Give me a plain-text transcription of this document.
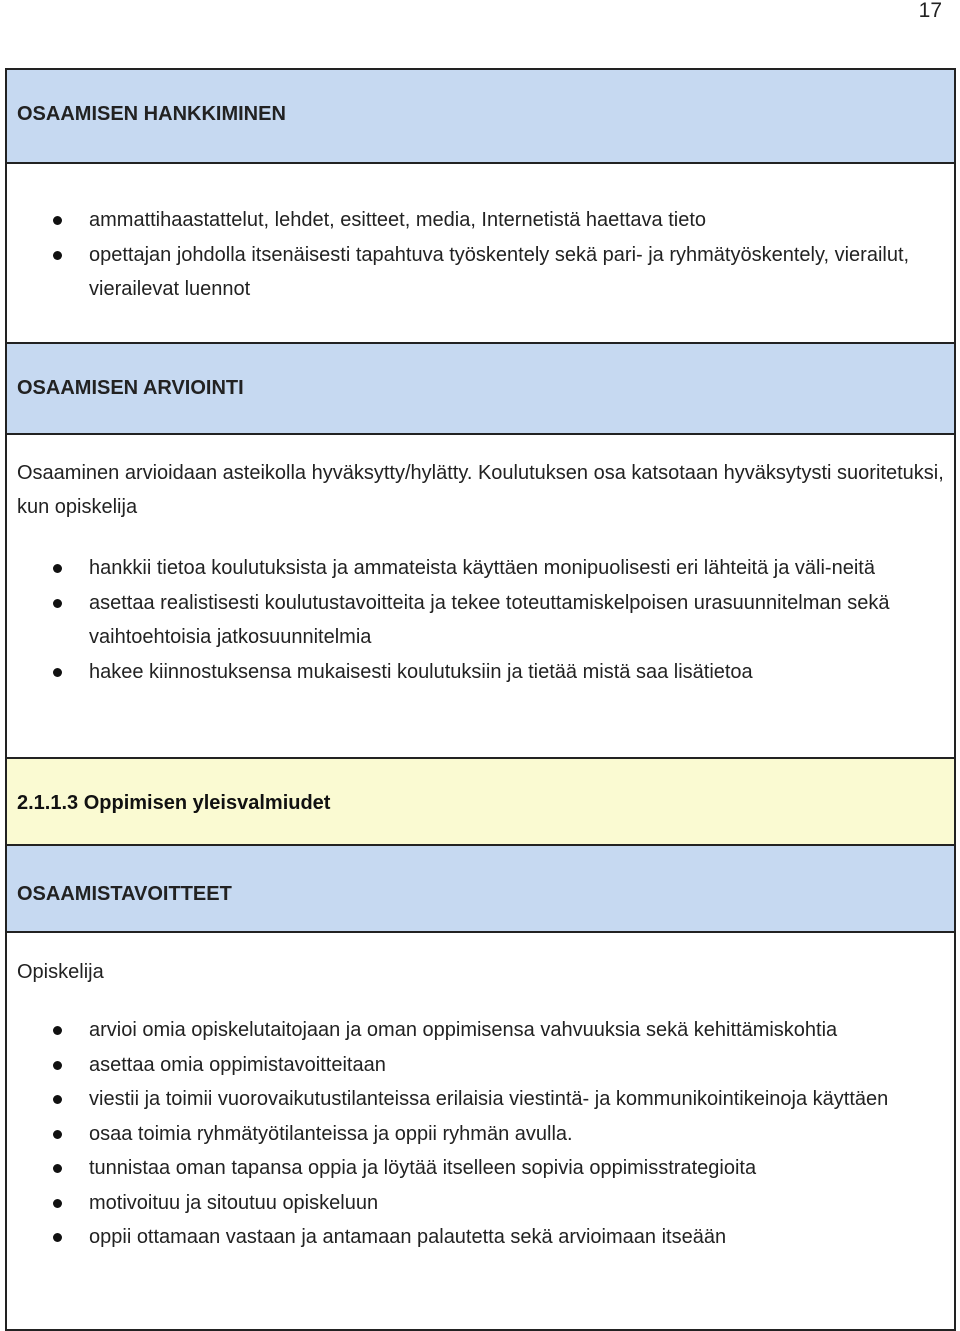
17
OSAAMISEN HANKKIMINEN
ammattihaastattelut, lehdet, esitteet, media, Internetistä haettava tieto
opettajan johdolla itsenäisesti tapahtuva työskentely sekä pari- ja ryhmätyöskentely, vierailut, vierailevat luennot
OSAAMISEN ARVIOINTI
Osaaminen arvioidaan asteikolla hyväksytty/hylätty. Koulutuksen osa katsotaan hyväksytysti suoritetuksi, kun opiskelija
hankkii tietoa koulutuksista ja ammateista käyttäen monipuolisesti eri lähteitä ja väli-neitä
asettaa realistisesti koulutustavoitteita ja tekee toteuttamiskelpoisen urasuunnitelman sekä vaihtoehtoisia jatkosuunnitelmia
hakee kiinnostuksensa mukaisesti koulutuksiin ja tietää mistä saa lisätietoa
2.1.1.3 Oppimisen yleisvalmiudet
OSAAMISTAVOITTEET
Opiskelija
arvioi omia opiskelutaitojaan ja oman oppimisensa vahvuuksia sekä kehittämiskohtia
asettaa omia oppimistavoitteitaan
viestii ja toimii vuorovaikutustilanteissa erilaisia viestintä- ja kommunikointikeinoja käyttäen
osaa toimia ryhmätyötilanteissa ja oppii ryhmän avulla.
tunnistaa oman tapansa oppia ja löytää itselleen sopivia oppimisstrategioita
motivoituu ja sitoutuu opiskeluun
oppii ottamaan vastaan ja antamaan palautetta sekä arvioimaan itseään
